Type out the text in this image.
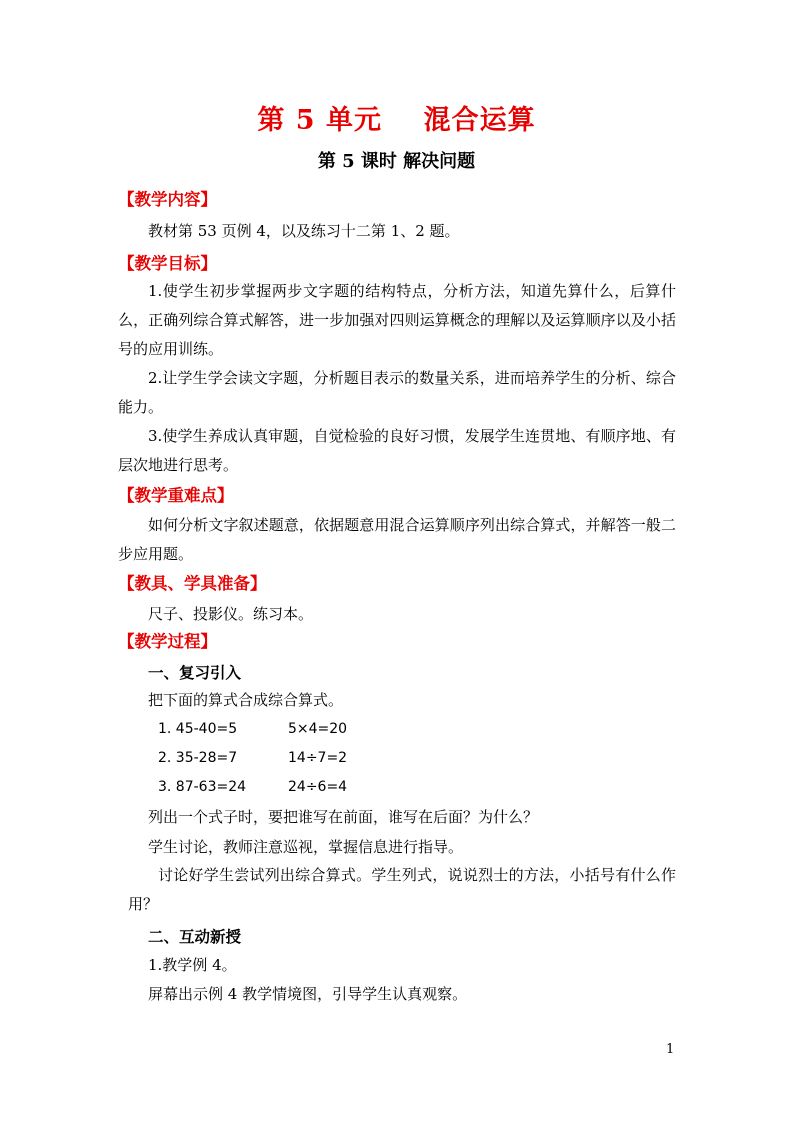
第 5 单元    混合运算
第 5 课时 解决问题
【教学内容】
教材第 53 页例 4，以及练习十二第 1、2 题。
【教学目标】
1.使学生初步掌握两步文字题的结构特点，分析方法，知道先算什么，后算什么，正确列综合算式解答，进一步加强对四则运算概念的理解以及运算顺序以及小括号的应用训练。
2.让学生学会读文字题，分析题目表示的数量关系，进而培养学生的分析、综合能力。
3.使学生养成认真审题，自觉检验的良好习惯，发展学生连贯地、有顺序地、有层次地进行思考。
【教学重难点】
如何分析文字叙述题意，依据题意用混合运算顺序列出综合算式，并解答一般二步应用题。
【教具、学具准备】
尺子、投影仪。练习本。
【教学过程】
一、复习引入
把下面的算式合成综合算式。
1. 45-40=5	5×4=20
2. 35-28=7	14÷7=2
3. 87-63=24	24÷6=4
列出一个式子时，要把谁写在前面，谁写在后面？为什么？
学生讨论，教师注意巡视，掌握信息进行指导。
讨论好学生尝试列出综合算式。学生列式，说说烈士的方法，小括号有什么作用？
二、互动新授
1.教学例 4。
屏幕出示例 4 教学情境图，引导学生认真观察。
1
